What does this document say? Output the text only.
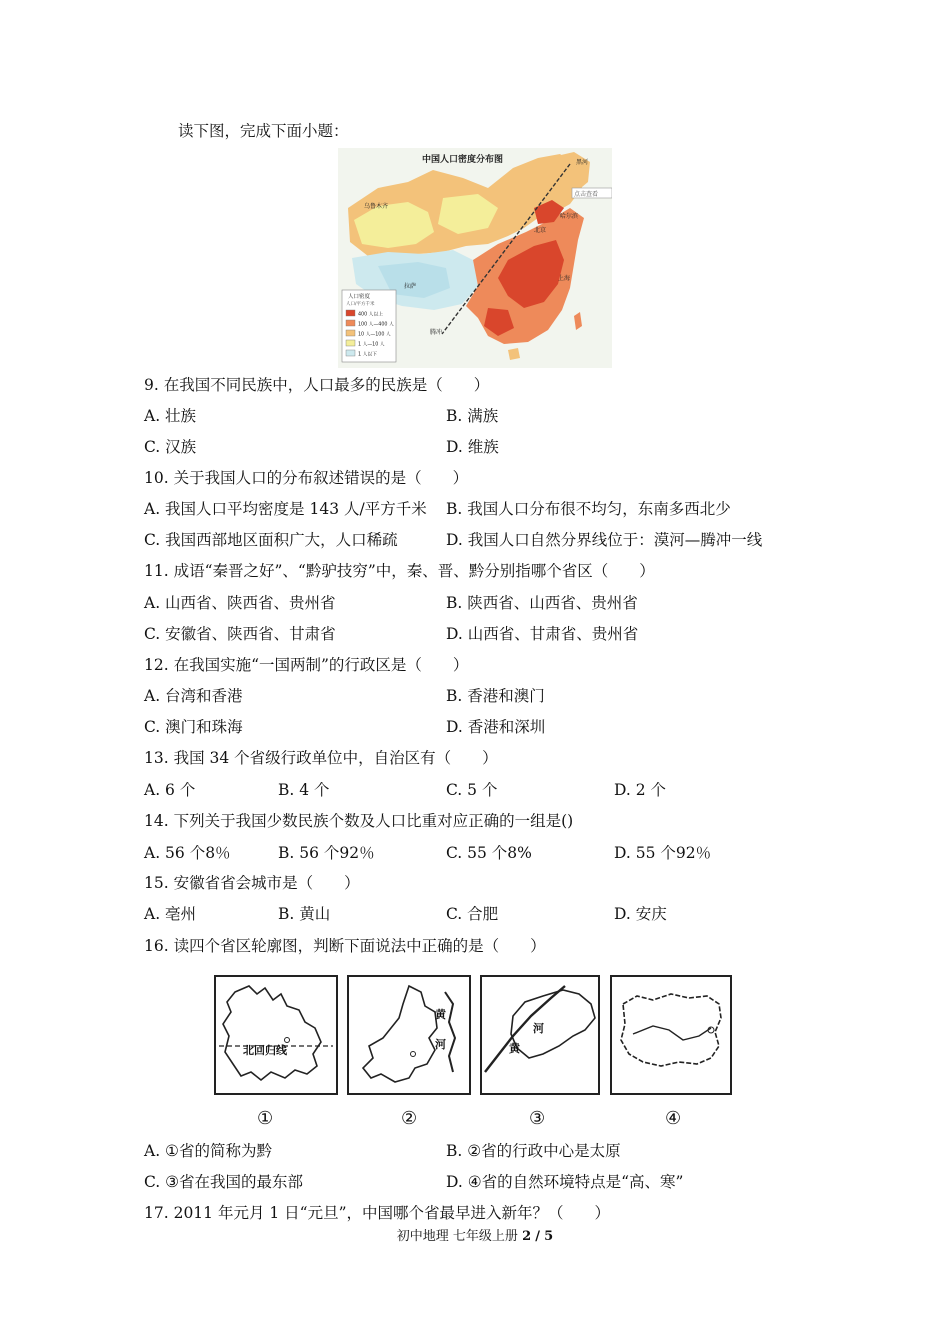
读下图，完成下面小题：
中国人口密度分布图
点击查看
黑河
腾冲
乌鲁木齐
拉萨
北京
上海
哈尔滨
人口密度
人口/平方千米
400 人以上
100 人—400 人
10 人—100 人
1 人—10 人
1 人以下
9. 在我国不同民族中，人口最多的民族是（　　）
A. 壮族	B. 满族
C. 汉族	D. 维族
10. 关于我国人口的分布叙述错误的是（　　）
A. 我国人口平均密度是 143 人/平方千米 B. 我国人口分布很不均匀，东南多西北少
C. 我国西部地区面积广大，人口稀疏	D. 我国人口自然分界线位于：漠河—腾冲一线
11. 成语“秦晋之好”、“黔驴技穷”中，秦、晋、黔分别指哪个省区（　　）
A. 山西省、陕西省、贵州省	B. 陕西省、山西省、贵州省
C. 安徽省、陕西省、甘肃省	D. 山西省、甘肃省、贵州省
12. 在我国实施“一国两制”的行政区是（　　）
A. 台湾和香港	B. 香港和澳门
C. 澳门和珠海	D. 香港和深圳
13. 我国 34 个省级行政单位中，自治区有（　　）
A. 6 个	B. 4 个	C. 5 个	D. 2 个
14. 下列关于我国少数民族个数及人口比重对应正确的一组是()
A. 56 个8％	B. 56 个92％	C. 55 个8%	D. 55 个92％
15. 安徽省省会城市是（　　）
A. 亳州	B. 黄山	C. 合肥	D. 安庆
16. 读四个省区轮廓图，判断下面说法中正确的是（　　）
北回归线
黄
河
河
黄
①	②	③	④
A. ①省的简称为黔	B. ②省的行政中心是太原
C. ③省在我国的最东部	D. ④省的自然环境特点是“高、寒”
17. 2011 年元月 1 日“元旦”，中国哪个省最早进入新年？（　　）
初中地理 七年级上册 2 / 5
